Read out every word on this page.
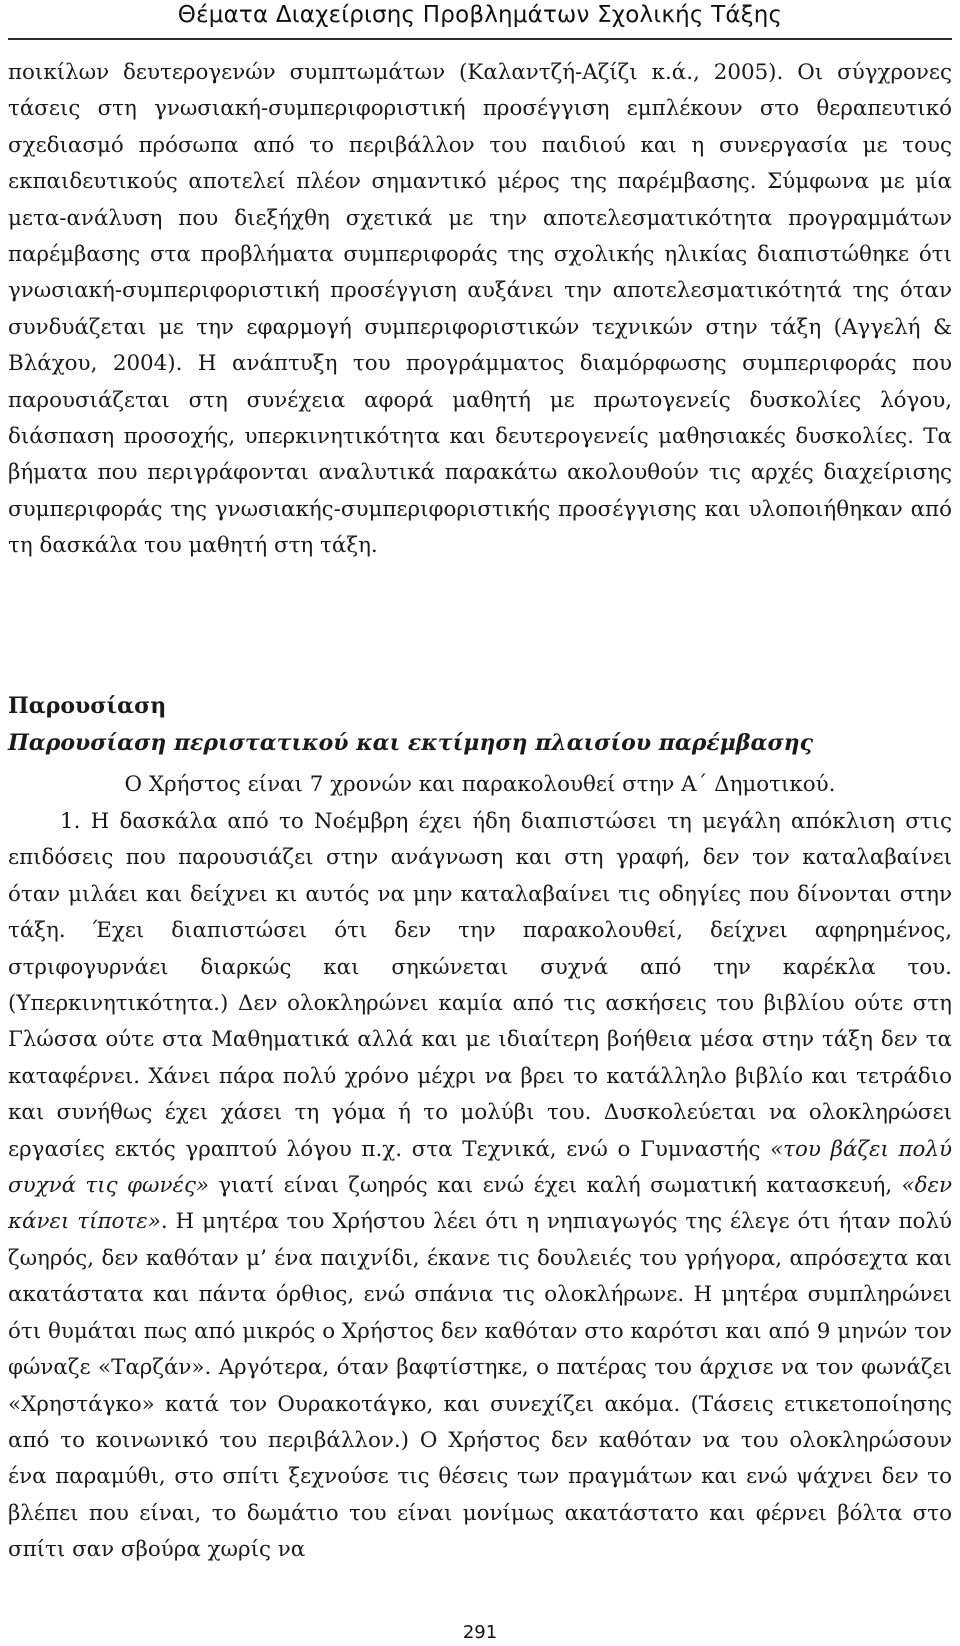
Θέματα Διαχείρισης Προβλημάτων Σχολικής Τάξης

ποικίλων δευτερογενών συμπτωμάτων (Καλαντζή-Αζίζι κ.ά., 2005). Οι σύγχρονες τάσεις στη γνωσιακή-συμπεριφοριστική προσέγγιση εμπλέκουν στο θεραπευτικό σχεδιασμό πρόσωπα από το περιβάλλον του παιδιού και η συνεργασία με τους εκπαιδευτικούς αποτελεί πλέον σημαντικό μέρος της παρέμβασης. Σύμφωνα με μία μετα-ανάλυση που διεξήχθη σχετικά με την αποτελεσματικότητα προγραμμάτων παρέμβασης στα προβλήματα συμπεριφοράς της σχολικής ηλικίας διαπιστώθηκε ότι γνωσιακή-συμπεριφοριστική προσέγγιση αυξάνει την αποτελεσματικότητά της όταν συνδυάζεται με την εφαρμογή συμπεριφοριστικών τεχνικών στην τάξη (Αγγελή & Βλάχου, 2004). Η ανάπτυξη του προγράμματος διαμόρφωσης συμπεριφοράς που παρουσιάζεται στη συνέχεια αφορά μαθητή με πρωτογενείς δυσκολίες λόγου, διάσπαση προσοχής, υπερκινητικότητα και δευτερογενείς μαθησιακές δυσκολίες. Τα βήματα που περιγράφονται αναλυτικά παρακάτω ακολουθούν τις αρχές διαχείρισης συμπεριφοράς της γνωσιακής-συμπεριφοριστικής προσέγγισης και υλοποιήθηκαν από τη δασκάλα του μαθητή στη τάξη.

Παρουσίαση
Παρουσίαση περιστατικού και εκτίμηση πλαισίου παρέμβασης
Ο Χρήστος είναι 7 χρονών και παρακολουθεί στην Α΄ Δημοτικού.

1. Η δασκάλα από το Νοέμβρη έχει ήδη διαπιστώσει τη μεγάλη απόκλιση στις επιδόσεις που παρουσιάζει στην ανάγνωση και στη γραφή, δεν τον καταλαβαίνει όταν μιλάει και δείχνει κι αυτός να μην καταλαβαίνει τις οδηγίες που δίνονται στην τάξη. Έχει διαπιστώσει ότι δεν την παρακολουθεί, δείχνει αφηρημένος, στριφογυρνάει διαρκώς και σηκώνεται συχνά από την καρέκλα του. (Υπερκινητικότητα.) Δεν ολοκληρώνει καμία από τις ασκήσεις του βιβλίου ούτε στη Γλώσσα ούτε στα Μαθηματικά αλλά και με ιδιαίτερη βοήθεια μέσα στην τάξη δεν τα καταφέρνει. Χάνει πάρα πολύ χρόνο μέχρι να βρει το κατάλληλο βιβλίο και τετράδιο και συνήθως έχει χάσει τη γόμα ή το μολύβι του. Δυσκολεύεται να ολοκληρώσει εργασίες εκτός γραπτού λόγου π.χ. στα Τεχνικά, ενώ ο Γυμναστής «του βάζει πολύ συχνά τις φωνές» γιατί είναι ζωηρός και ενώ έχει καλή σωματική κατασκευή, «δεν κάνει τίποτε». Η μητέρα του Χρήστου λέει ότι η νηπιαγωγός της έλεγε ότι ήταν πολύ ζωηρός, δεν καθόταν μ’ ένα παιχνίδι, έκανε τις δουλειές του γρήγορα, απρόσεχτα και ακατάστατα και πάντα όρθιος, ενώ σπάνια τις ολοκλήρωνε. Η μητέρα συμπληρώνει ότι θυμάται πως από μικρός ο Χρήστος δεν καθόταν στο καρότσι και από 9 μηνών τον φώναζε «Ταρζάν». Αργότερα, όταν βαφτίστηκε, ο πατέρας του άρχισε να τον φωνάζει «Χρηστάγκο» κατά τον Ουρακοτάγκο, και συνεχίζει ακόμα. (Τάσεις ετικετοποίησης από το κοινωνικό του περιβάλλον.) Ο Χρήστος δεν καθόταν να του ολοκληρώσουν ένα παραμύθι, στο σπίτι ξεχνούσε τις θέσεις των πραγμάτων και ενώ ψάχνει δεν το βλέπει που είναι, το δωμάτιο του είναι μονίμως ακατάστατο και φέρνει βόλτα στο σπίτι σαν σβούρα χωρίς να

291
